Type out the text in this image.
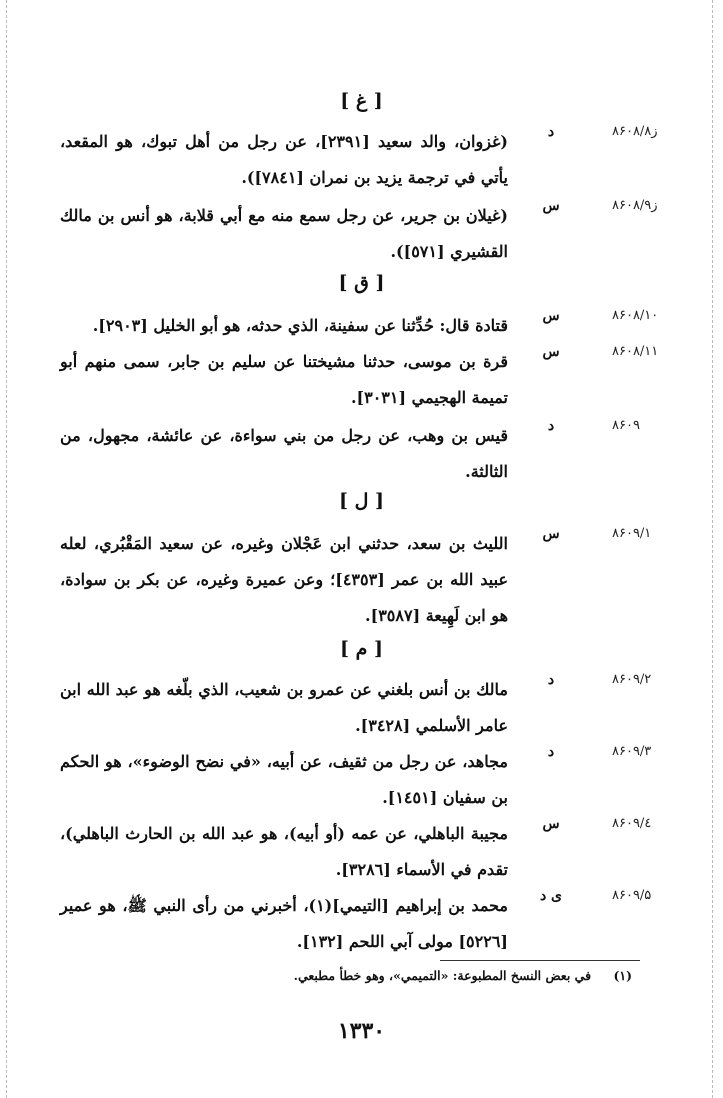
[ غ ]
ز۸۶۰۸/۸
د
(غزوان، والد سعيد [٢٣٩١]، عن رجل من أهل تبوك، هو المقعد، يأتي في ترجمة يزيد بن نمران [٧٨٤١]).
ز۸۶۰۸/۹
س
(غيلان بن جرير، عن رجل سمع منه مع أبي قلابة، هو أنس بن مالك القشيري [٥٧١]).
[ ق ]
۸۶۰۸/۱۰
س
قتادة قال: حُدِّثنا عن سفينة، الذي حدثه، هو أبو الخليل [٢٩٠٣].
۸۶۰۸/۱۱
س
قرة بن موسى، حدثنا مشيختنا عن سليم بن جابر، سمى منهم أبو تميمة الهجيمي [٣٠٣١].
۸۶۰۹
د
قيس بن وهب، عن رجل من بني سواءة، عن عائشة، مجهول، من الثالثة.
[ ل ]
۸۶۰۹/۱
س
الليث بن سعد، حدثني ابن عَجْلان وغيره، عن سعيد المَقْبُري، لعله عبيد الله بن عمر [٤٣٥٣]؛ وعن عميرة وغيره، عن بكر بن سوادة، هو ابن لَهِيعة [٣٥٨٧].
[ م ]
۸۶۰۹/۲
د
مالك بن أنس بلغني عن عمرو بن شعيب، الذي بلّغه هو عبد الله ابن عامر الأسلمي [٣٤٢٨].
۸۶۰۹/۳
د
مجاهد، عن رجل من ثقيف، عن أبيه، «في نضح الوضوء»، هو الحكم بن سفيان [١٤٥١].
۸۶۰۹/٤
س
مجيبة الباهلي، عن عمه (أو أبيه)، هو عبد الله بن الحارث الباهلي)، تقدم في الأسماء [٣٢٨٦].
۸۶۰۹/۵
ى د
محمد بن إبراهيم [التيمي](١)، أخبرني من رأى النبي ﷺ، هو عمير [٥٢٢٦] مولى آبي اللحم [١٣٢].
(١) في بعض النسخ المطبوعة: «التميمي»، وهو خطأ مطبعي.
١٣٣٠
